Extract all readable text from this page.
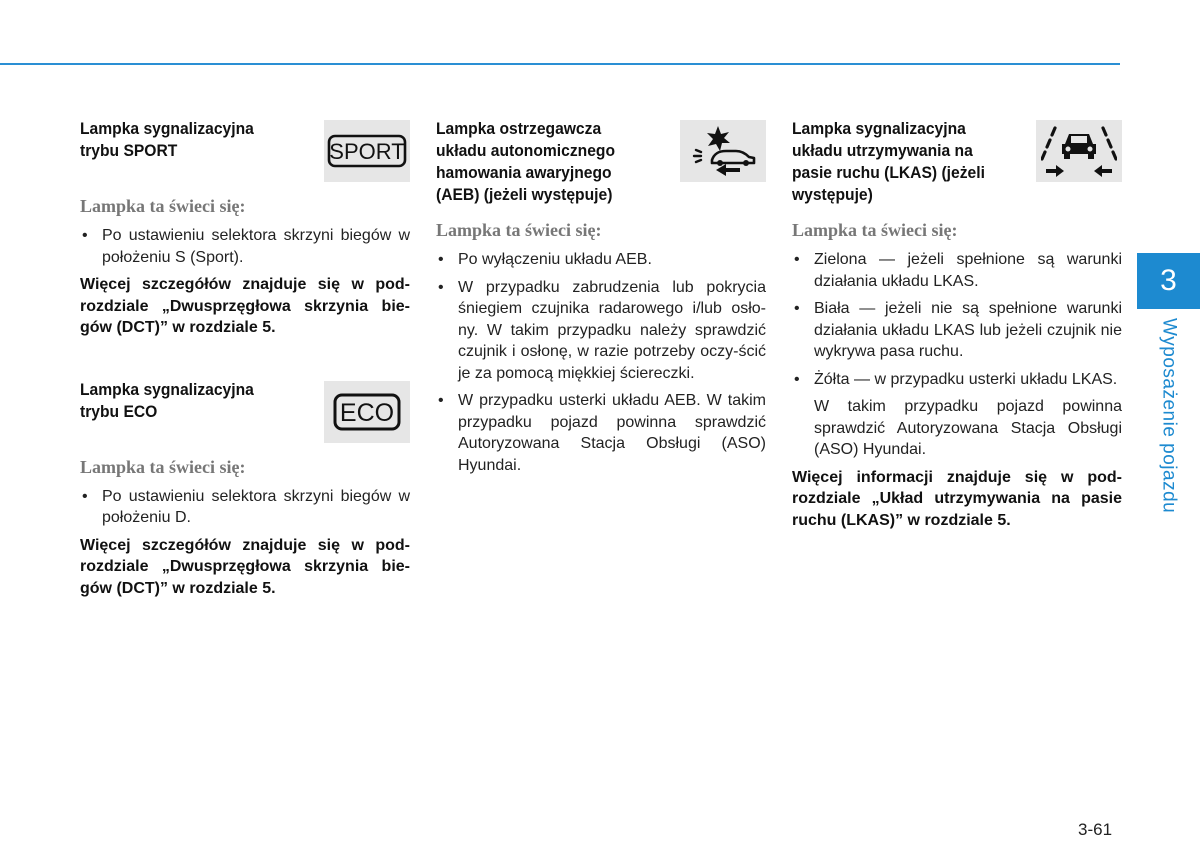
Lampka sygnalizacyjna
trybu SPORT	SPORT
Lampka ta świeci się:
• Po ustawieniu selektora skrzyni biegów w położeniu S (Sport).

Więcej szczegółów znajduje się w pod-rozdziale „Dwusprzęgłowa skrzynia bie-gów (DCT)” w rozdziale 5.

Lampka sygnalizacyjna
trybu ECO	ECO
Lampka ta świeci się:
• Po ustawieniu selektora skrzyni biegów w położeniu D.

Więcej szczegółów znajduje się w pod-rozdziale „Dwusprzęgłowa skrzynia bie-gów (DCT)” w rozdziale 5.

Lampka ostrzegawcza
układu autonomicznego
hamowania awaryjnego
(AEB) (jeżeli występuje)

Lampka ta świeci się:
• Po wyłączeniu układu AEB.
• W przypadku zabrudzenia lub pokrycia śniegiem czujnika radarowego i/lub osło-ny. W takim przypadku należy sprawdzić czujnik i osłonę, w razie potrzeby oczy-ścić je za pomocą miękkiej ściereczki.
• W przypadku usterki układu AEB. W takim przypadku pojazd powinna sprawdzić Autoryzowana Stacja Obsługi (ASO) Hyundai.

Lampka sygnalizacyjna
układu utrzymywania na
pasie ruchu (LKAS) (jeżeli
występuje)

Lampka ta świeci się:
• Zielona — jeżeli spełnione są warunki działania układu LKAS.
• Biała — jeżeli nie są spełnione warunki działania układu LKAS lub jeżeli czujnik nie wykrywa pasa ruchu.
• Żółta — w przypadku usterki układu LKAS.

W takim przypadku pojazd powinna sprawdzić Autoryzowana Stacja Obsługi (ASO) Hyundai.

Więcej informacji znajduje się w pod-rozdziale „Układ utrzymywania na pasie ruchu (LKAS)” w rozdziale 5.

3
Wyposażenie pojazdu
3-61
